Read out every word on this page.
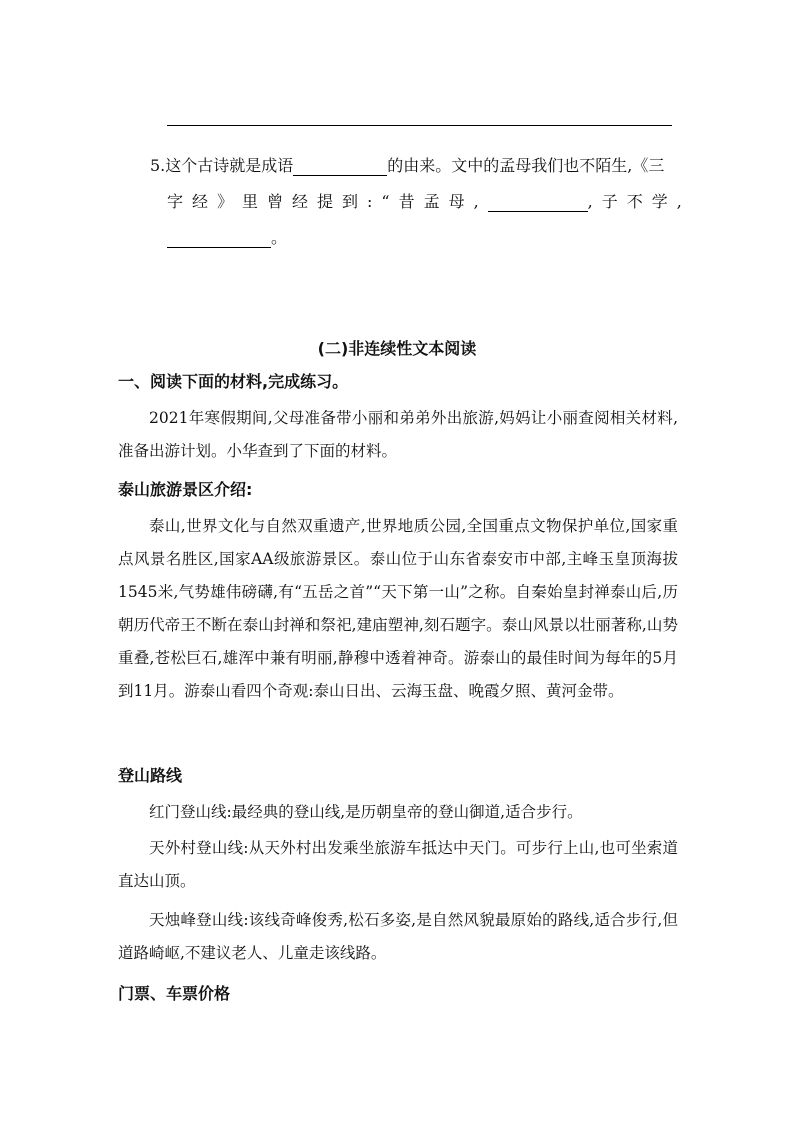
5.这个古诗就是成语	的由来。文中的孟母我们也不陌生,《三
字经》里曾经提到:“昔孟母,	,子不学,
。
(二)非连续性文本阅读
一、阅读下面的材料,完成练习。

2021年寒假期间,父母准备带小丽和弟弟外出旅游,妈妈让小丽查阅相关材料,准备出游计划。小华查到了下面的材料。

泰山旅游景区介绍:

泰山,世界文化与自然双重遗产,世界地质公园,全国重点文物保护单位,国家重点风景名胜区,国家AA级旅游景区。泰山位于山东省泰安市中部,主峰玉皇顶海拔1545米,气势雄伟磅礴,有“五岳之首”“天下第一山”之称。自秦始皇封禅泰山后,历朝历代帝王不断在泰山封禅和祭祀,建庙塑神,刻石题字。泰山风景以壮丽著称,山势重叠,苍松巨石,雄浑中兼有明丽,静穆中透着神奇。游泰山的最佳时间为每年的5月到11月。游泰山看四个奇观:泰山日出、云海玉盘、晚霞夕照、黄河金带。

登山路线

红门登山线:最经典的登山线,是历朝皇帝的登山御道,适合步行。

天外村登山线:从天外村出发乘坐旅游车抵达中天门。可步行上山,也可坐索道直达山顶。

天烛峰登山线:该线奇峰俊秀,松石多姿,是自然风貌最原始的路线,适合步行,但道路崎岖,不建议老人、儿童走该线路。

门票、车票价格
